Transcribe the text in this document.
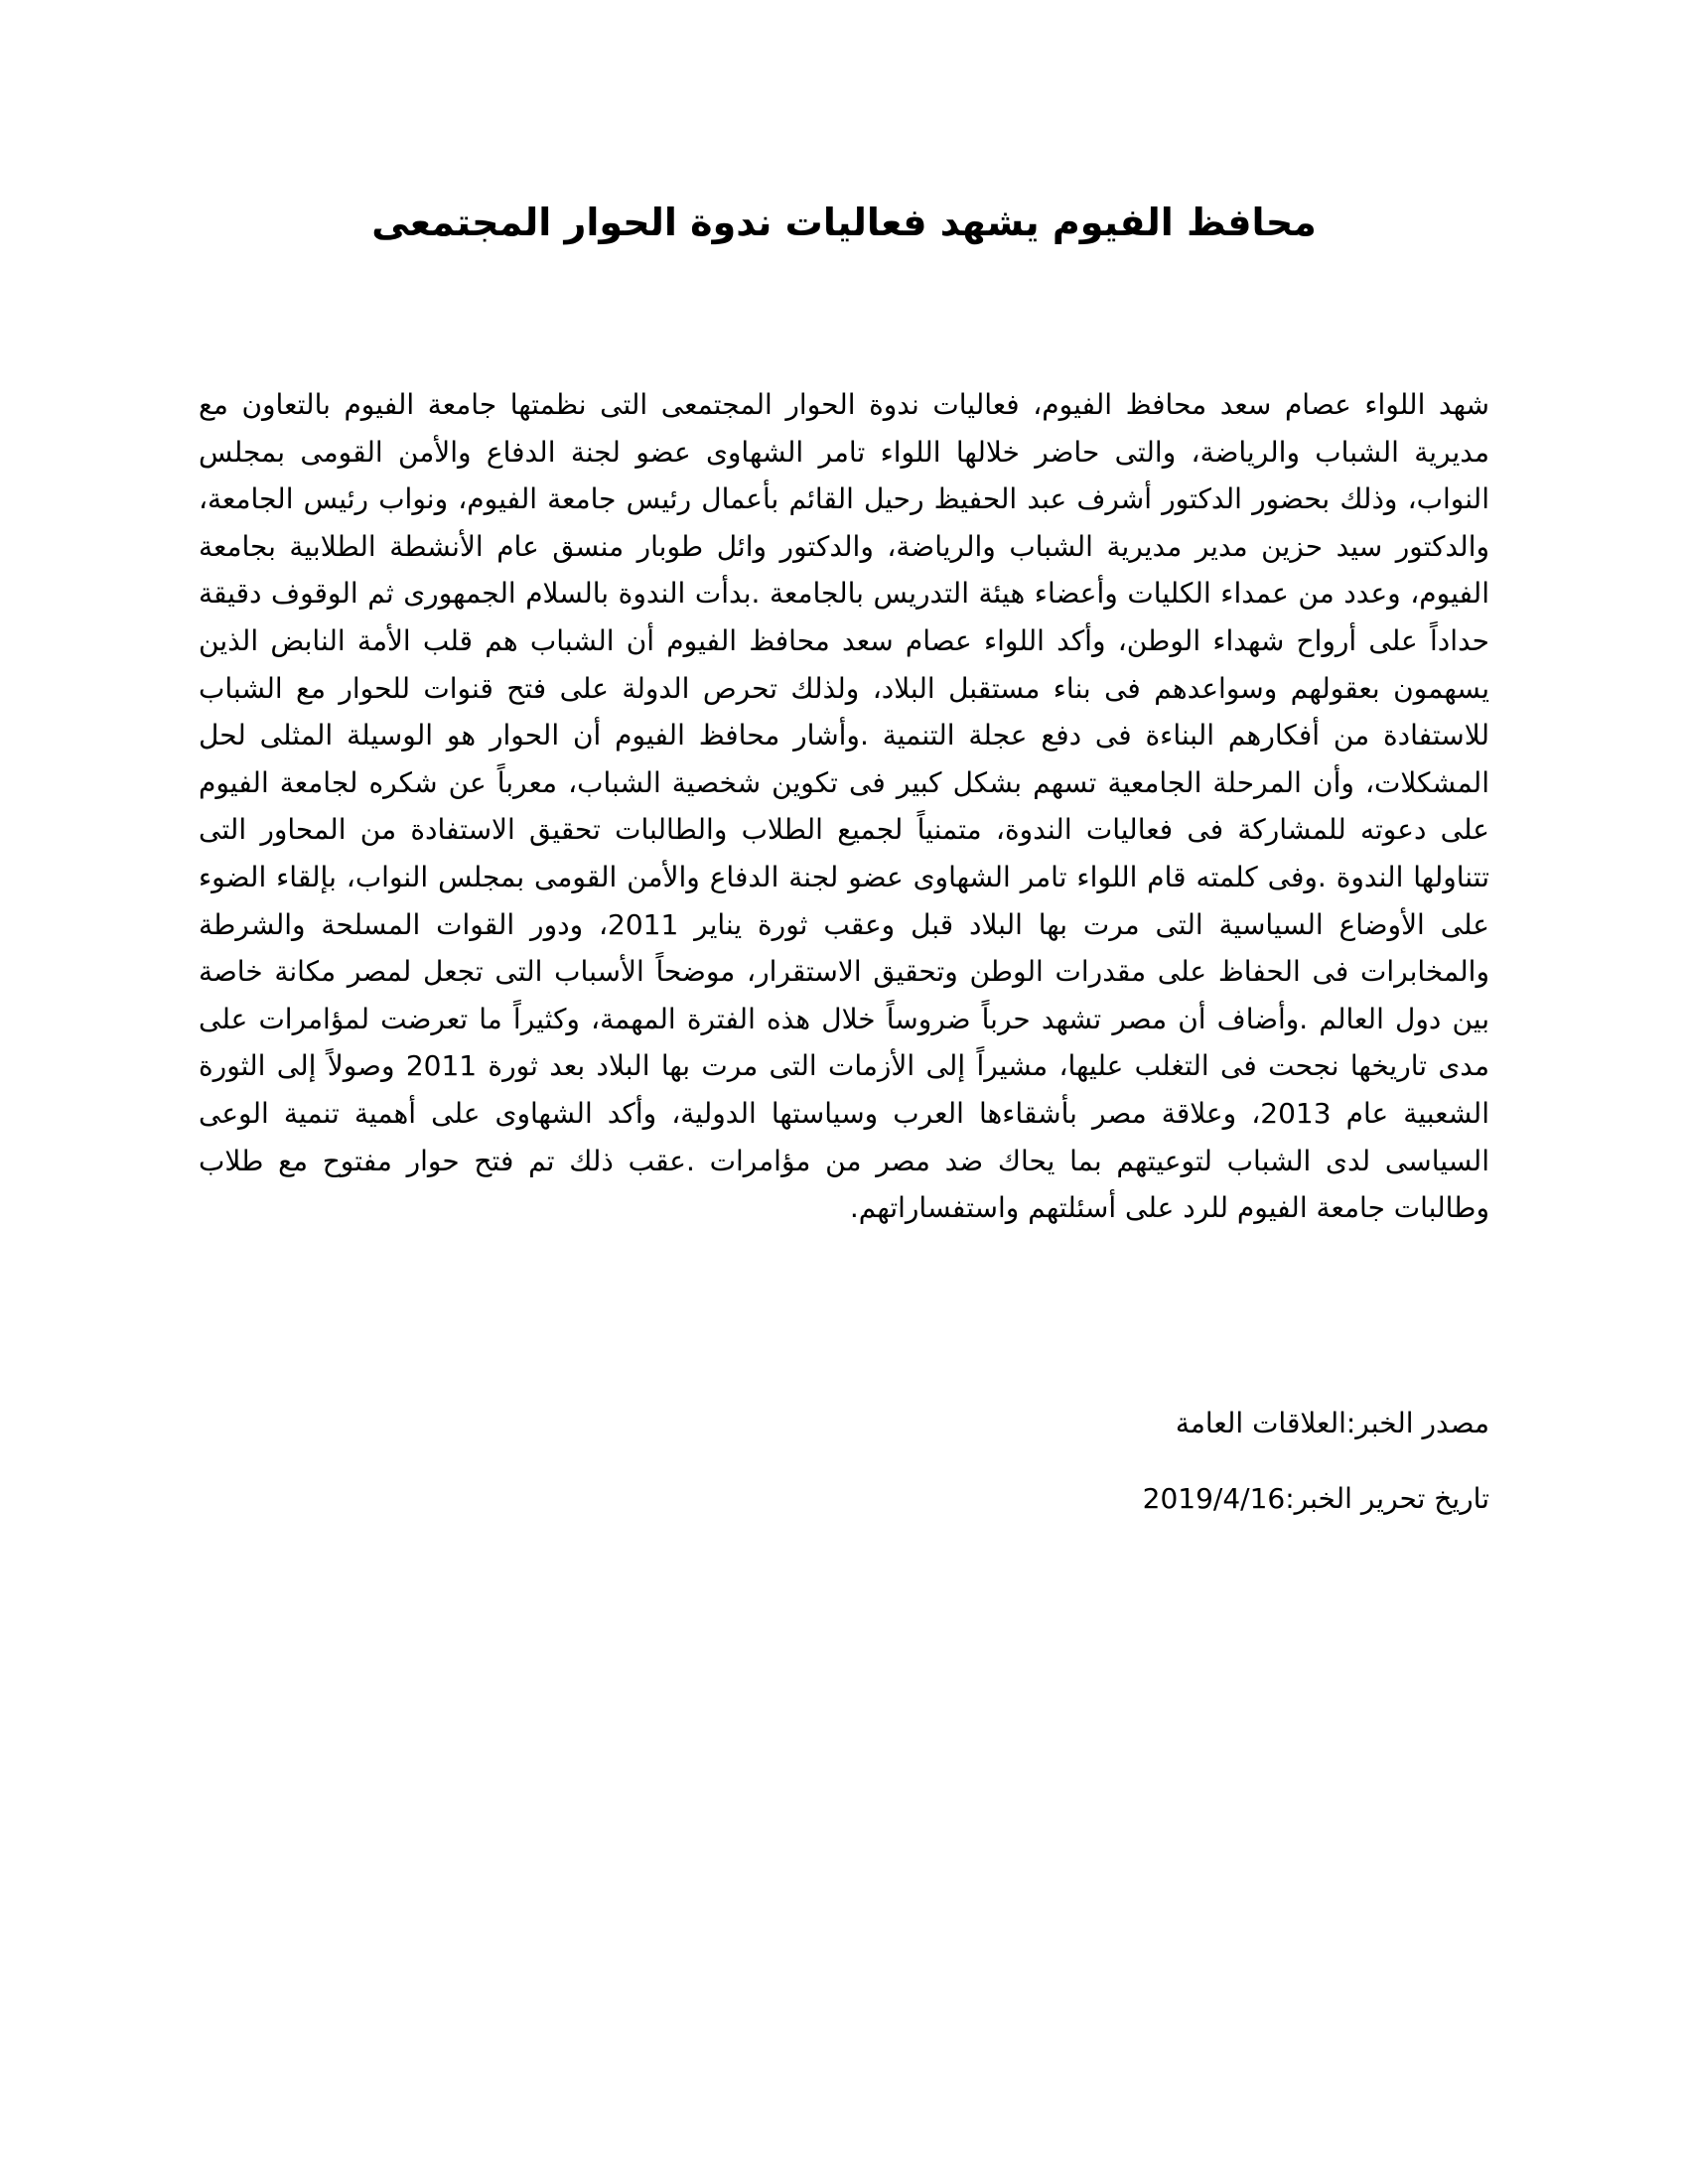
محافظ الفيوم يشهد فعاليات ندوة الحوار المجتمعى

شهد اللواء عصام سعد محافظ الفيوم، فعاليات ندوة الحوار المجتمعى التى نظمتها جامعة الفيوم بالتعاون مع مديرية الشباب والرياضة، والتى حاضر خلالها اللواء تامر الشهاوى عضو لجنة الدفاع والأمن القومى بمجلس النواب، وذلك بحضور الدكتور أشرف عبد الحفيظ رحيل القائم بأعمال رئيس جامعة الفيوم، ونواب رئيس الجامعة، والدكتور سيد حزين مدير مديرية الشباب والرياضة، والدكتور وائل طوبار منسق عام الأنشطة الطلابية بجامعة الفيوم، وعدد من عمداء الكليات وأعضاء هيئة التدريس بالجامعة .بدأت الندوة بالسلام الجمهورى ثم الوقوف دقيقة حداداً على أرواح شهداء الوطن، وأكد اللواء عصام سعد محافظ الفيوم أن الشباب هم قلب الأمة النابض الذين يسهمون بعقولهم وسواعدهم فى بناء مستقبل البلاد، ولذلك تحرص الدولة على فتح قنوات للحوار مع الشباب للاستفادة من أفكارهم البناءة فى دفع عجلة التنمية .وأشار محافظ الفيوم أن الحوار هو الوسيلة المثلى لحل المشكلات، وأن المرحلة الجامعية تسهم بشكل كبير فى تكوين شخصية الشباب، معرباً عن شكره لجامعة الفيوم على دعوته للمشاركة فى فعاليات الندوة، متمنياً لجميع الطلاب والطالبات تحقيق الاستفادة من المحاور التى تتناولها الندوة .وفى كلمته قام اللواء تامر الشهاوى عضو لجنة الدفاع والأمن القومى بمجلس النواب، بإلقاء الضوء على الأوضاع السياسية التى مرت بها البلاد قبل وعقب ثورة يناير 2011، ودور القوات المسلحة والشرطة والمخابرات فى الحفاظ على مقدرات الوطن وتحقيق الاستقرار، موضحاً الأسباب التى تجعل لمصر مكانة خاصة بين دول العالم .وأضاف أن مصر تشهد حرباً ضروساً خلال هذه الفترة المهمة، وكثيراً ما تعرضت لمؤامرات على مدى تاريخها نجحت فى التغلب عليها، مشيراً إلى الأزمات التى مرت بها البلاد بعد ثورة 2011 وصولاً إلى الثورة الشعبية عام 2013، وعلاقة مصر بأشقاءها العرب وسياستها الدولية، وأكد الشهاوى على أهمية تنمية الوعى السياسى لدى الشباب لتوعيتهم بما يحاك ضد مصر من مؤامرات .عقب ذلك تم فتح حوار مفتوح مع طلاب وطالبات جامعة الفيوم للرد على أسئلتهم واستفساراتهم.

مصدر الخبر:العلاقات العامة

تاريخ تحرير الخبر:2019/4/16
